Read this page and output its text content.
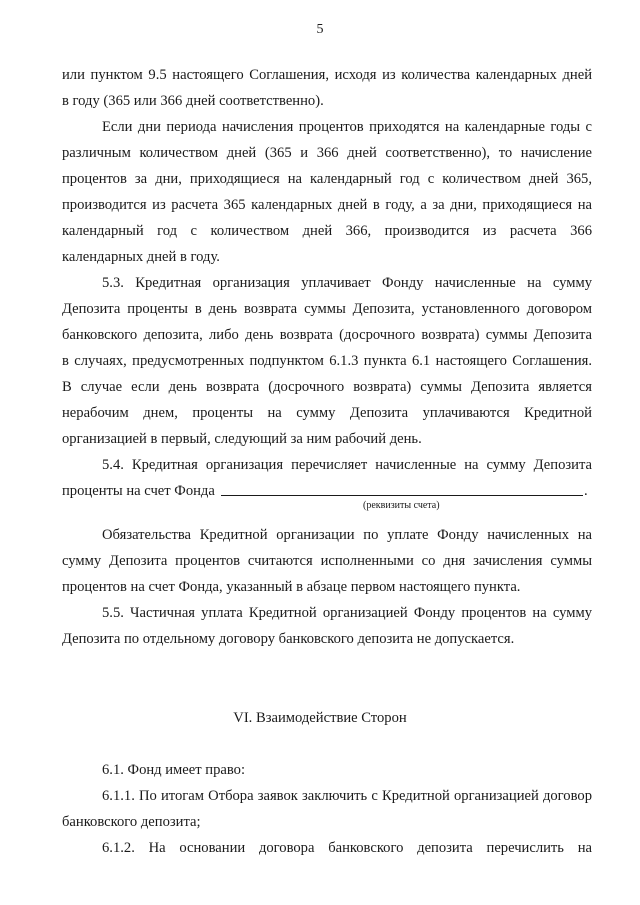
5
или пунктом 9.5 настоящего Соглашения, исходя из количества календарных дней
в году (365 или 366 дней соответственно).
Если дни периода начисления процентов приходятся на календарные годы с
различным количеством дней (365 и 366 дней соответственно), то начисление
процентов за дни, приходящиеся на календарный год с количеством дней 365,
производится из расчета 365 календарных дней в году, а за дни, приходящиеся на
календарный год с количеством дней 366, производится из расчета 366
календарных дней в году.
5.3. Кредитная организация уплачивает Фонду начисленные на сумму
Депозита проценты в день возврата суммы Депозита, установленного договором
банковского депозита, либо день возврата (досрочного возврата) суммы Депозита
в случаях, предусмотренных подпунктом 6.1.3 пункта 6.1 настоящего Соглашения.
В случае если день возврата (досрочного возврата) суммы Депозита является
нерабочим днем, проценты на сумму Депозита уплачиваются Кредитной
организацией в первый, следующий за ним рабочий день.
5.4. Кредитная организация перечисляет начисленные на сумму Депозита
проценты на счет Фонда	.
(реквизиты счета)
Обязательства Кредитной организации по уплате Фонду начисленных на
сумму Депозита процентов считаются исполненными со дня зачисления суммы
процентов на счет Фонда, указанный в абзаце первом настоящего пункта.
5.5. Частичная уплата Кредитной организацией Фонду процентов на сумму
Депозита по отдельному договору банковского депозита не допускается.
VI. Взаимодействие Сторон
6.1. Фонд имеет право:
6.1.1. По итогам Отбора заявок заключить с Кредитной организацией договор
банковского депозита;
6.1.2. На основании договора банковского депозита перечислить на
